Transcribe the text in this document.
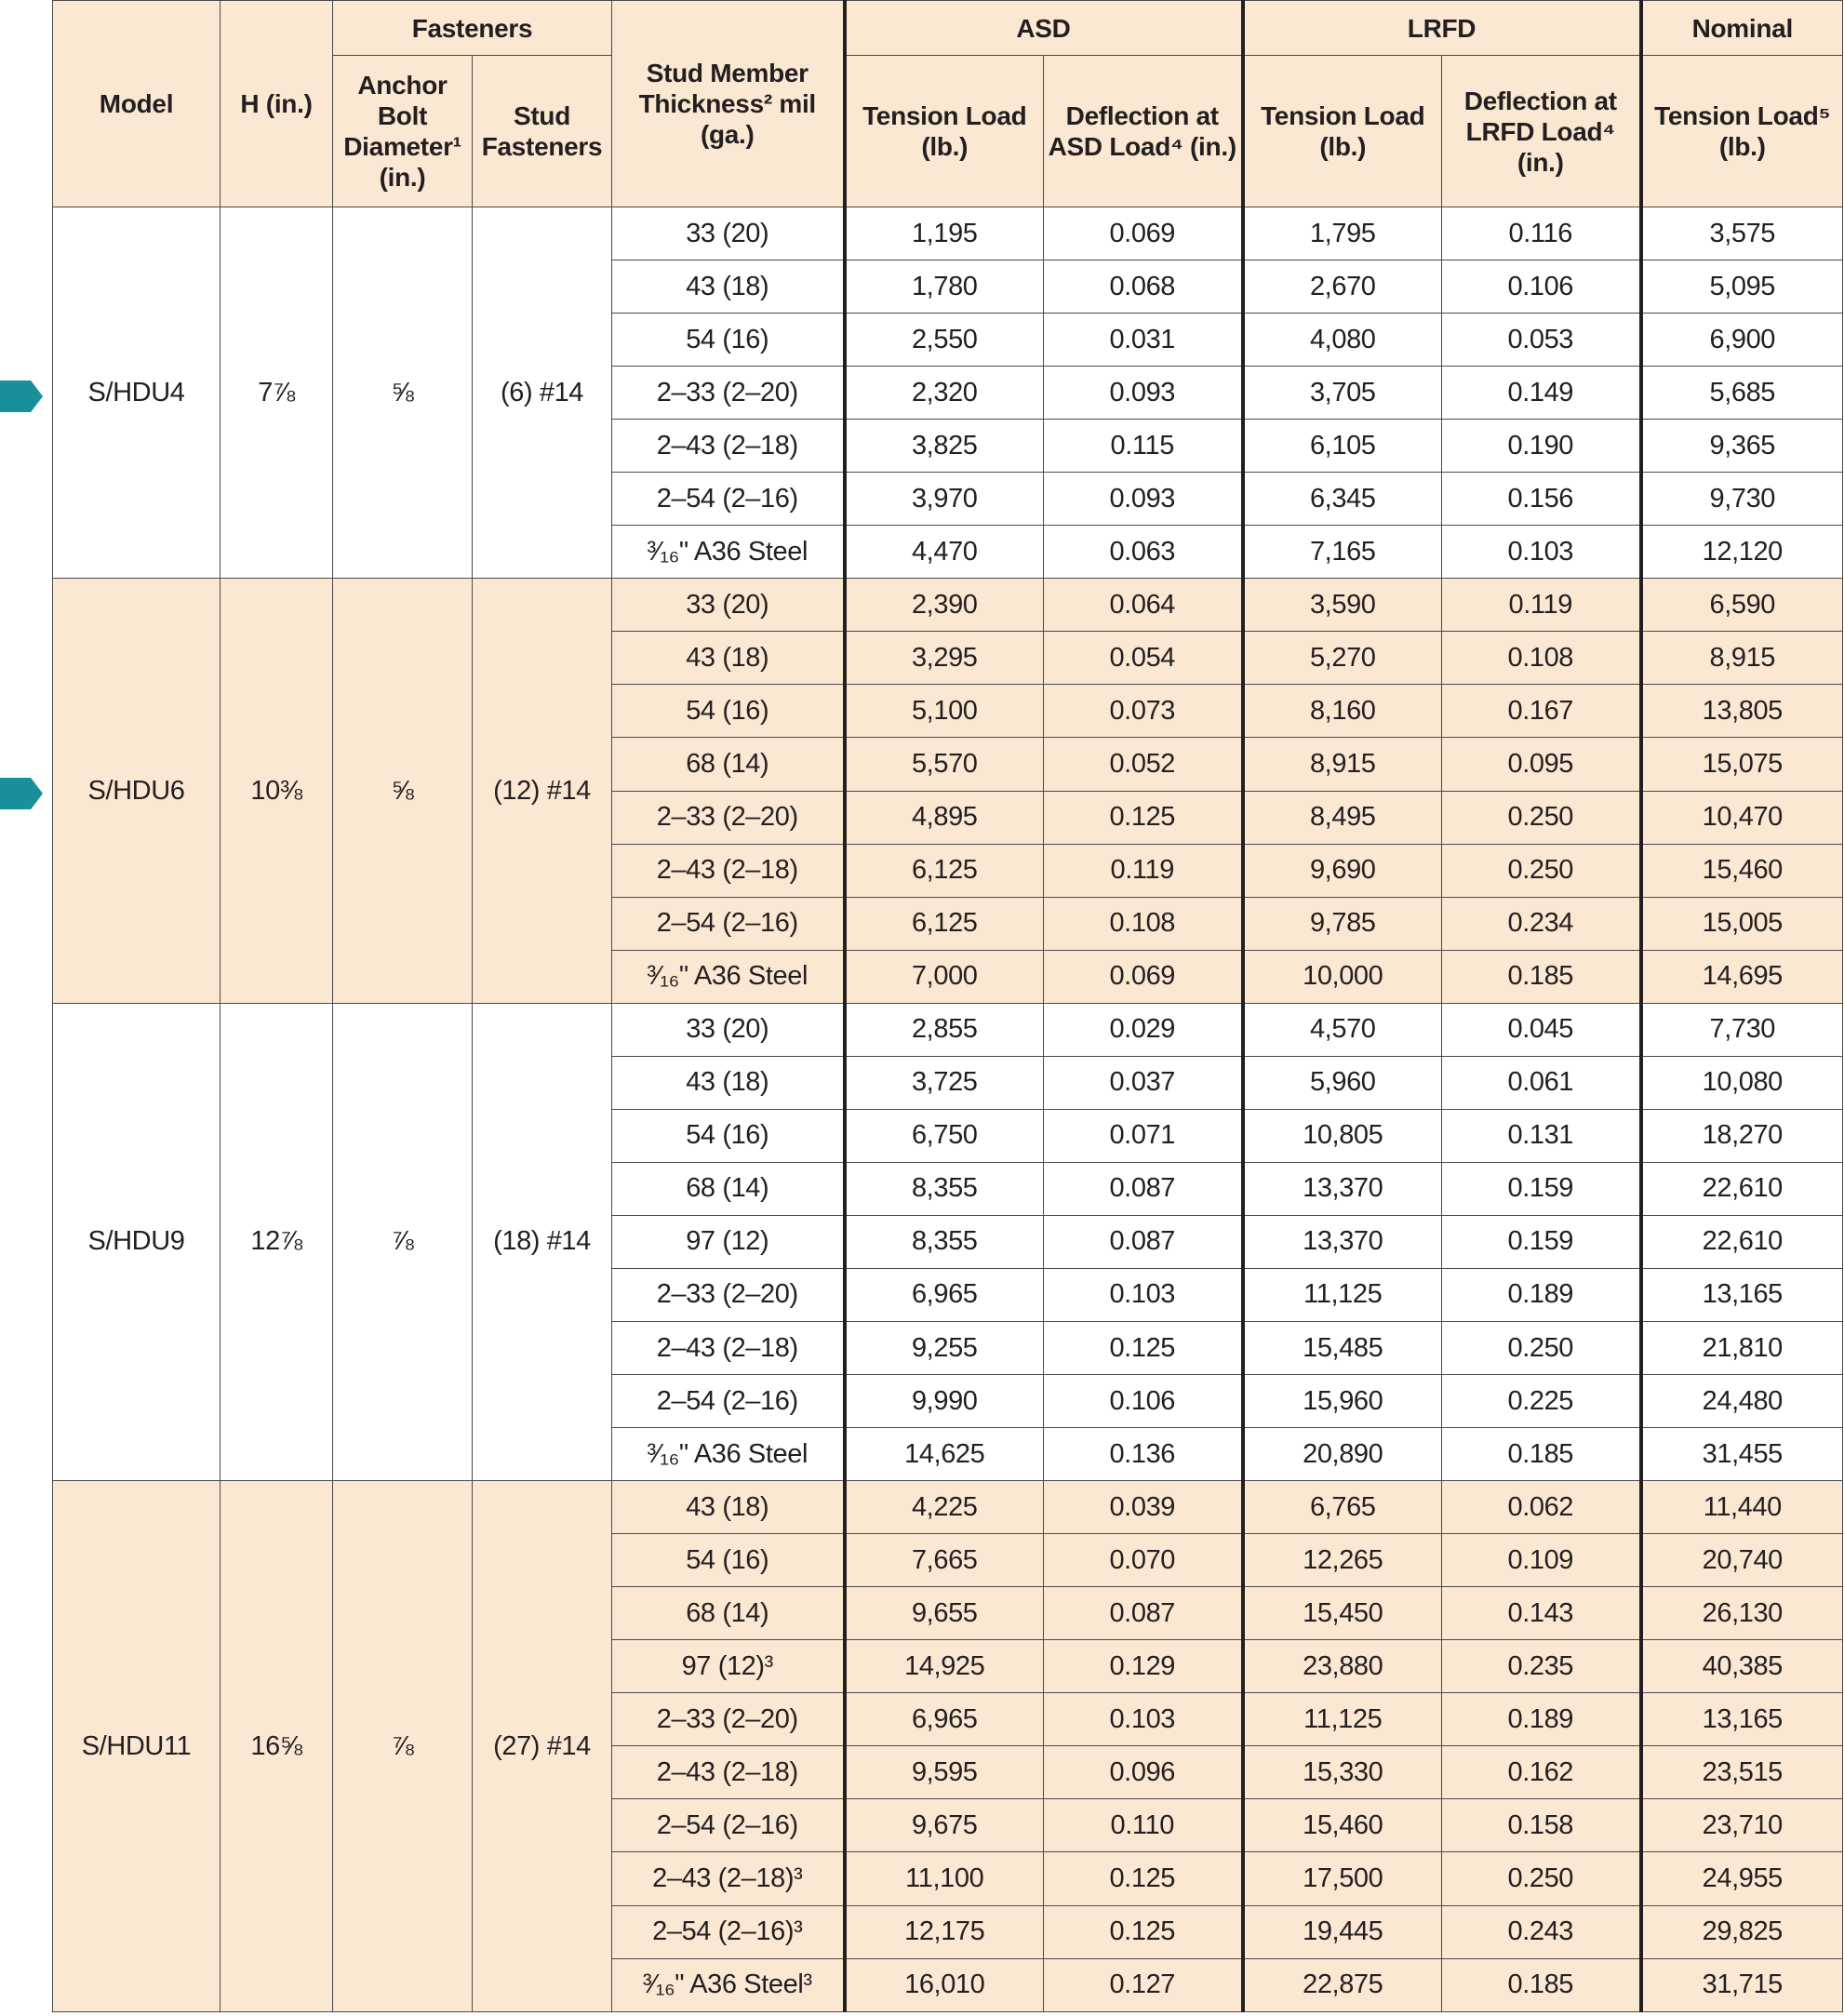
Model	H (in.)	Fasteners		Stud Member Thickness² mil (ga.)	ASD		LRFD		Nominal
		Anchor Bolt Diameter¹ (in.)	Stud Fasteners		Tension Load (lb.)	Deflection at ASD Load⁴ (in.)	Tension Load (lb.)	Deflection at LRFD Load⁴ (in.)	Tension Load⁵ (lb.)
S/HDU4	7⅞	⅝	(6) #14	33 (20)	1,195	0.069	1,795	0.116	3,575
				43 (18)	1,780	0.068	2,670	0.106	5,095
				54 (16)	2,550	0.031	4,080	0.053	6,900
				2–33 (2–20)	2,320	0.093	3,705	0.149	5,685
				2–43 (2–18)	3,825	0.115	6,105	0.190	9,365
				2–54 (2–16)	3,970	0.093	6,345	0.156	9,730
				³⁄₁₆" A36 Steel	4,470	0.063	7,165	0.103	12,120
S/HDU6	10⅜	⅝	(12) #14	33 (20)	2,390	0.064	3,590	0.119	6,590
				43 (18)	3,295	0.054	5,270	0.108	8,915
				54 (16)	5,100	0.073	8,160	0.167	13,805
				68 (14)	5,570	0.052	8,915	0.095	15,075
				2–33 (2–20)	4,895	0.125	8,495	0.250	10,470
				2–43 (2–18)	6,125	0.119	9,690	0.250	15,460
				2–54 (2–16)	6,125	0.108	9,785	0.234	15,005
				³⁄₁₆" A36 Steel	7,000	0.069	10,000	0.185	14,695
S/HDU9	12⅞	⅞	(18) #14	33 (20)	2,855	0.029	4,570	0.045	7,730
				43 (18)	3,725	0.037	5,960	0.061	10,080
				54 (16)	6,750	0.071	10,805	0.131	18,270
				68 (14)	8,355	0.087	13,370	0.159	22,610
				97 (12)	8,355	0.087	13,370	0.159	22,610
				2–33 (2–20)	6,965	0.103	11,125	0.189	13,165
				2–43 (2–18)	9,255	0.125	15,485	0.250	21,810
				2–54 (2–16)	9,990	0.106	15,960	0.225	24,480
				³⁄₁₆" A36 Steel	14,625	0.136	20,890	0.185	31,455
S/HDU11	16⅝	⅞	(27) #14	43 (18)	4,225	0.039	6,765	0.062	11,440
				54 (16)	7,665	0.070	12,265	0.109	20,740
				68 (14)	9,655	0.087	15,450	0.143	26,130
				97 (12)³	14,925	0.129	23,880	0.235	40,385
				2–33 (2–20)	6,965	0.103	11,125	0.189	13,165
				2–43 (2–18)	9,595	0.096	15,330	0.162	23,515
				2–54 (2–16)	9,675	0.110	15,460	0.158	23,710
				2–43 (2–18)³	11,100	0.125	17,500	0.250	24,955
				2–54 (2–16)³	12,175	0.125	19,445	0.243	29,825
				³⁄₁₆" A36 Steel³	16,010	0.127	22,875	0.185	31,715
